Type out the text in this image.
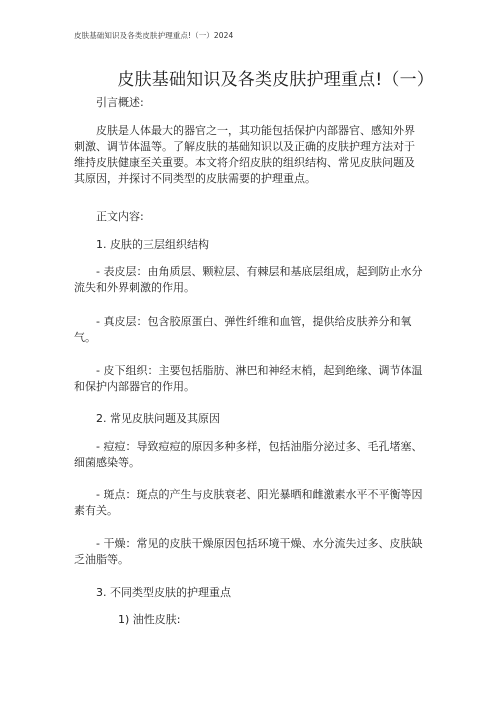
皮肤基础知识及各类皮肤护理重点!（一）2024
皮肤基础知识及各类皮肤护理重点!（一）

引言概述:

皮肤是人体最大的器官之一，其功能包括保护内部器官、感知外界刺激、调节体温等。了解皮肤的基础知识以及正确的皮肤护理方法对于维持皮肤健康至关重要。本文将介绍皮肤的组织结构、常见皮肤问题及其原因，并探讨不同类型的皮肤需要的护理重点。

正文内容:

1. 皮肤的三层组织结构

- 表皮层：由角质层、颗粒层、有棘层和基底层组成，起到防止水分流失和外界刺激的作用。

- 真皮层：包含胶原蛋白、弹性纤维和血管，提供给皮肤养分和氧气。

- 皮下组织：主要包括脂肪、淋巴和神经末梢，起到绝缘、调节体温和保护内部器官的作用。

2. 常见皮肤问题及其原因

- 痘痘：导致痘痘的原因多种多样，包括油脂分泌过多、毛孔堵塞、细菌感染等。

- 斑点：斑点的产生与皮肤衰老、阳光暴晒和雌激素水平不平衡等因素有关。

- 干燥：常见的皮肤干燥原因包括环境干燥、水分流失过多、皮肤缺乏油脂等。

3. 不同类型皮肤的护理重点

1) 油性皮肤:
